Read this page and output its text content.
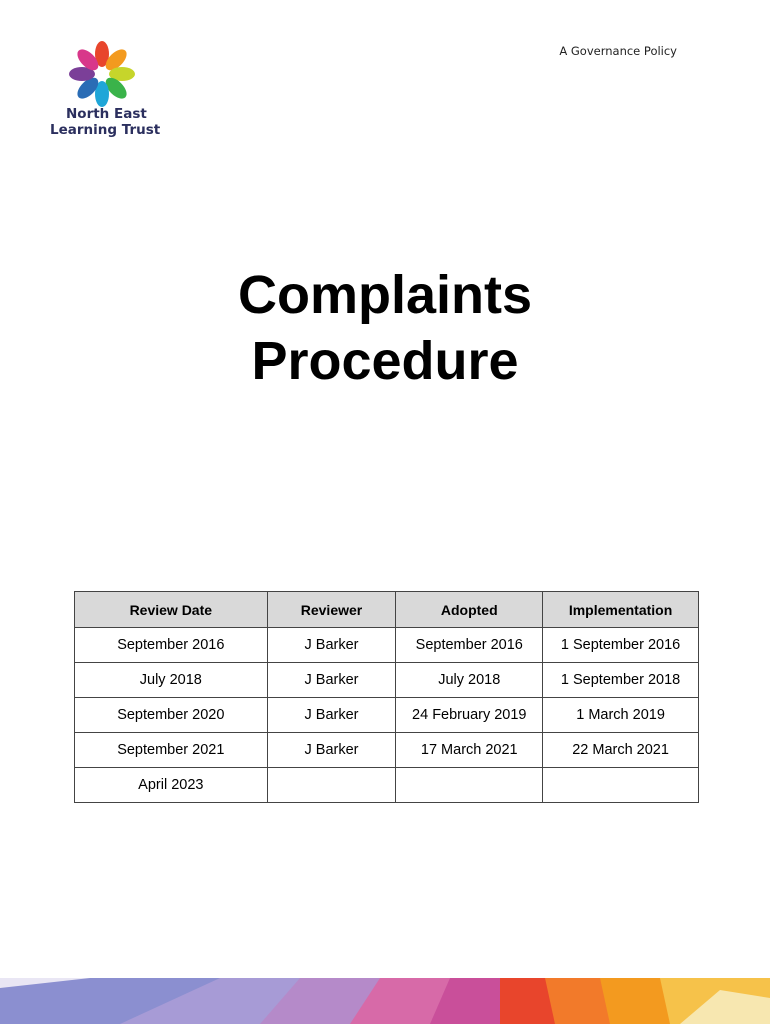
North East
Learning Trust
A Governance Policy
Complaints
Procedure
Review Date	Reviewer	Adopted	Implementation
September 2016	J Barker	September 2016	1 September 2016
July 2018	J Barker	July 2018	1 September 2018
September 2020	J Barker	24 February 2019	1 March 2019
September 2021	J Barker	17 March 2021	22 March 2021
April 2023			
